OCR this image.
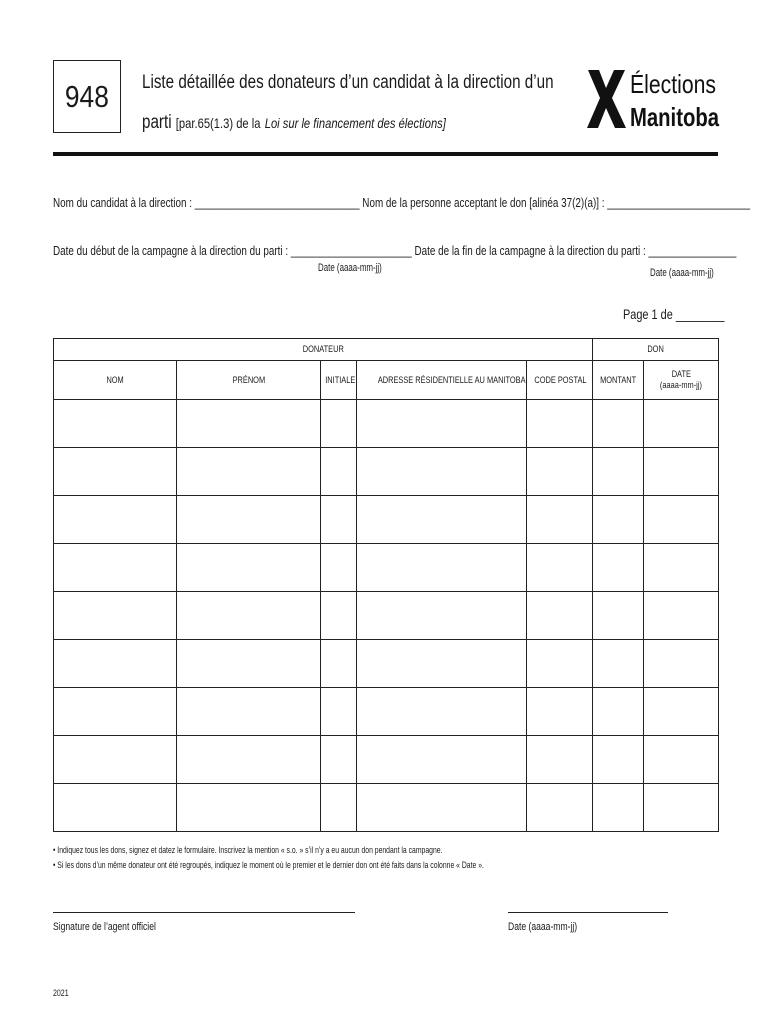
948 Liste détaillée des donateurs d’un candidat à la direction d’un
parti [par.65(1.3) de la Loi sur le financement des élections]
Élections
Manitoba
Nom du candidat à la direction : ______________________________ Nom de la personne acceptant le don [alinéa 37(2)(a)] : __________________________
Date du début de la campagne à la direction du parti : ______________________ Date de la fin de la campagne à la direction du parti : ________________
Date (aaaa-mm-jj)	Date (aaaa-mm-jj)
Page 1 de ________
DONATEUR					DON	
NOM	PRÉNOM	INITIALE	ADRESSE RÉSIDENTIELLE AU MANITOBA	CODE POSTAL	MONTANT	DATE
(aaaa-mm-jj)

• Indiquez tous les dons, signez et datez le formulaire. Inscrivez la mention « s.o. » s’il n’y a eu aucun don pendant la campagne.
• Si les dons d’un même donateur ont été regroupés, indiquez le moment où le premier et le dernier don ont été faits dans la colonne « Date ».
Signature de l’agent officiel	Date (aaaa-mm-jj)
2021
